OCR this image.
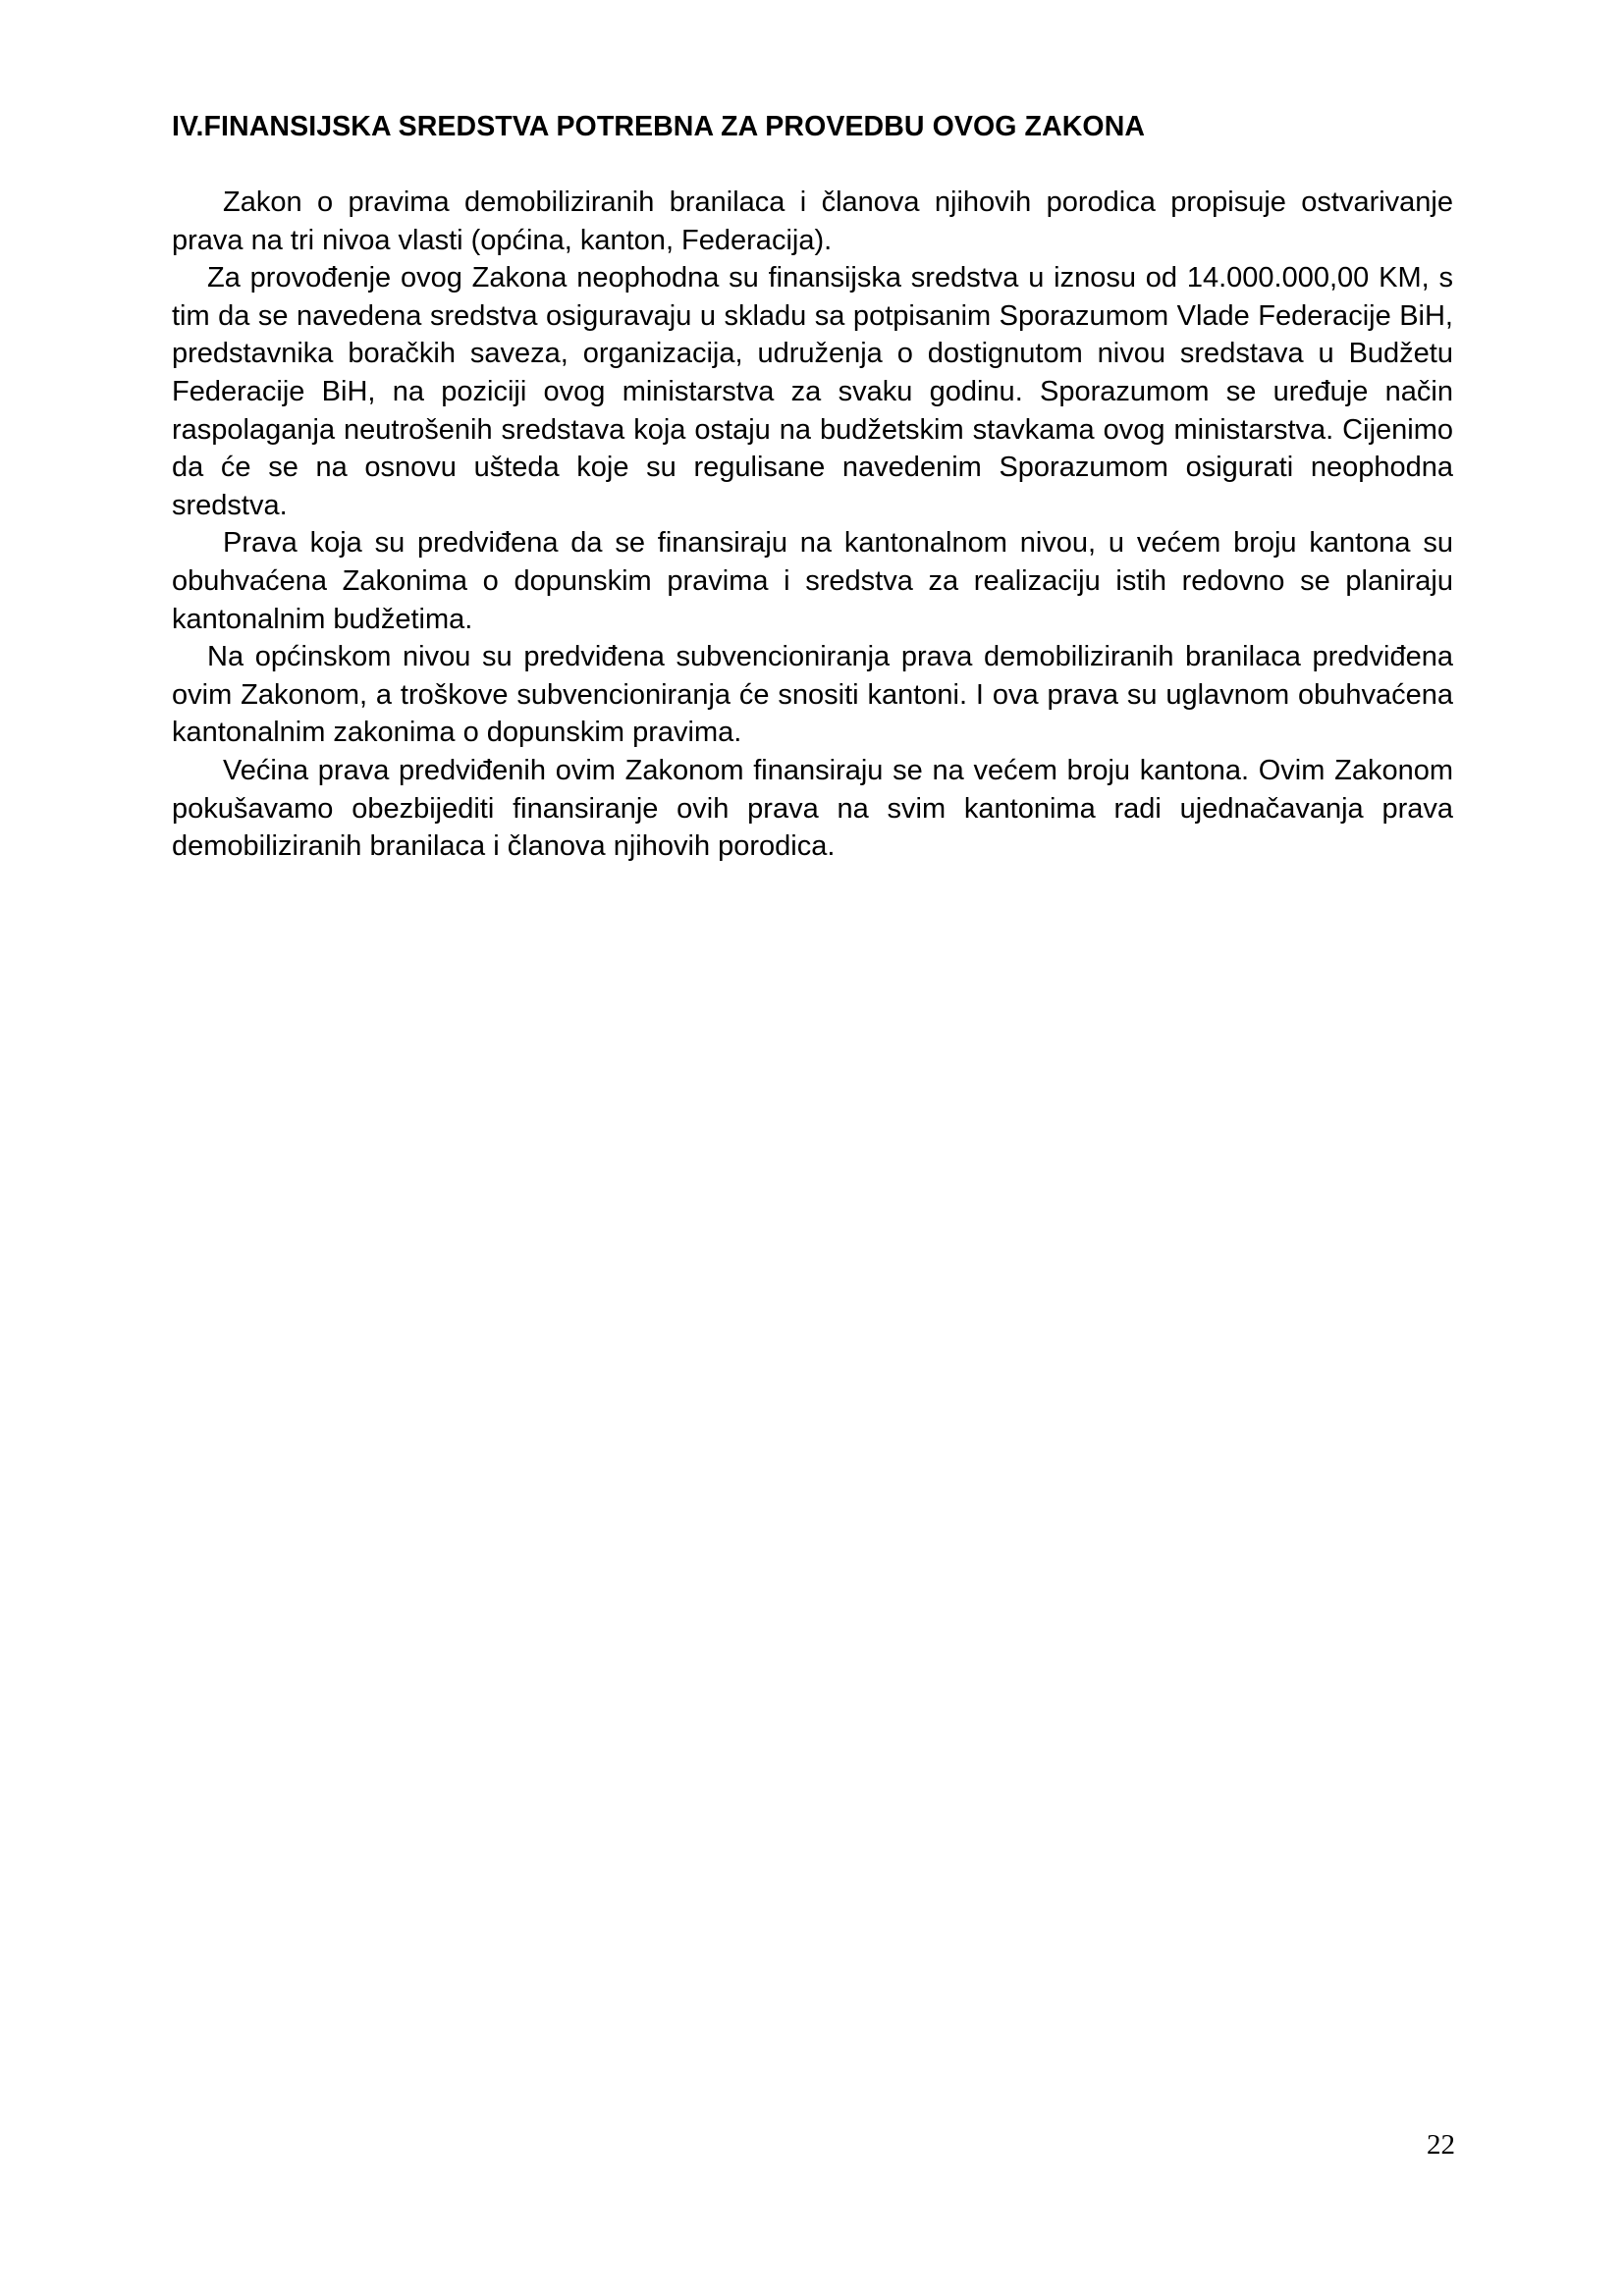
IV.FINANSIJSKA SREDSTVA POTREBNA ZA PROVEDBU OVOG ZAKONA

Zakon o pravima demobiliziranih branilaca i članova njihovih porodica propisuje ostvarivanje prava na tri nivoa vlasti (općina, kanton, Federacija).

Za provođenje ovog Zakona neophodna su finansijska sredstva u iznosu od 14.000.000,00 KM, s tim da se navedena sredstva osiguravaju u skladu sa potpisanim Sporazumom Vlade Federacije BiH, predstavnika boračkih saveza, organizacija, udruženja o dostignutom nivou sredstava u Budžetu Federacije BiH, na poziciji ovog ministarstva za svaku godinu. Sporazumom se uređuje način raspolaganja neutrošenih sredstava koja ostaju na budžetskim stavkama ovog ministarstva. Cijenimo da će se na osnovu ušteda koje su regulisane navedenim Sporazumom osigurati neophodna sredstva.

Prava koja su predviđena da se finansiraju na kantonalnom nivou, u većem broju kantona su obuhvaćena Zakonima o dopunskim pravima i sredstva za realizaciju istih redovno se planiraju kantonalnim budžetima.

Na općinskom nivou su predviđena subvencioniranja prava demobiliziranih branilaca predviđena ovim Zakonom, a troškove subvencioniranja će snositi kantoni. I ova prava su uglavnom obuhvaćena kantonalnim zakonima o dopunskim pravima.

Većina prava predviđenih ovim Zakonom finansiraju se na većem broju kantona. Ovim Zakonom pokušavamo obezbijediti finansiranje ovih prava na svim kantonima radi ujednačavanja prava demobiliziranih branilaca i članova njihovih porodica.

22
